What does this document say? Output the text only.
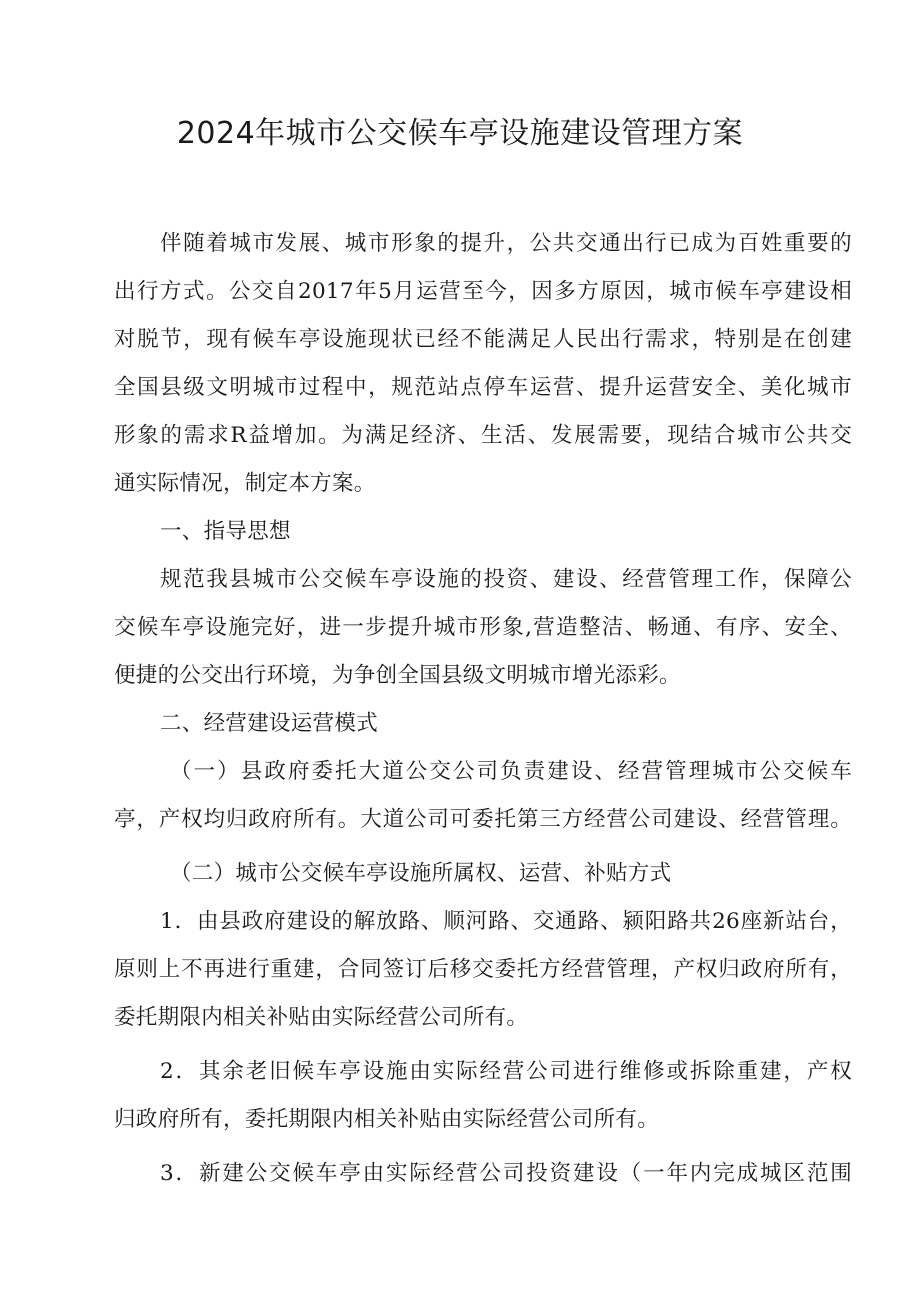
2024年城市公交候车亭设施建设管理方案
伴随着城市发展、城市形象的提升，公共交通出行已成为百姓重要的
出行方式。公交自2017年5月运营至今，因多方原因，城市候车亭建设相
对脱节，现有候车亭设施现状已经不能满足人民出行需求，特别是在创建
全国县级文明城市过程中，规范站点停车运营、提升运营安全、美化城市
形象的需求R益增加。为满足经济、生活、发展需要，现结合城市公共交
通实际情况，制定本方案。
一、指导思想
规范我县城市公交候车亭设施的投资、建设、经营管理工作，保障公
交候车亭设施完好，进一步提升城市形象,营造整洁、畅通、有序、安全、
便捷的公交出行环境，为争创全国县级文明城市增光添彩。
二、经营建设运营模式
（一）县政府委托大道公交公司负责建设、经营管理城市公交候车
亭，产权均归政府所有。大道公司可委托第三方经营公司建设、经营管理。
（二）城市公交候车亭设施所属权、运营、补贴方式
1．由县政府建设的解放路、顺河路、交通路、颍阳路共26座新站台，
原则上不再进行重建，合同签订后移交委托方经营管理，产权归政府所有，
委托期限内相关补贴由实际经营公司所有。
2．其余老旧候车亭设施由实际经营公司进行维修或拆除重建，产权
归政府所有，委托期限内相关补贴由实际经营公司所有。
3．新建公交候车亭由实际经营公司投资建设（一年内完成城区范围
